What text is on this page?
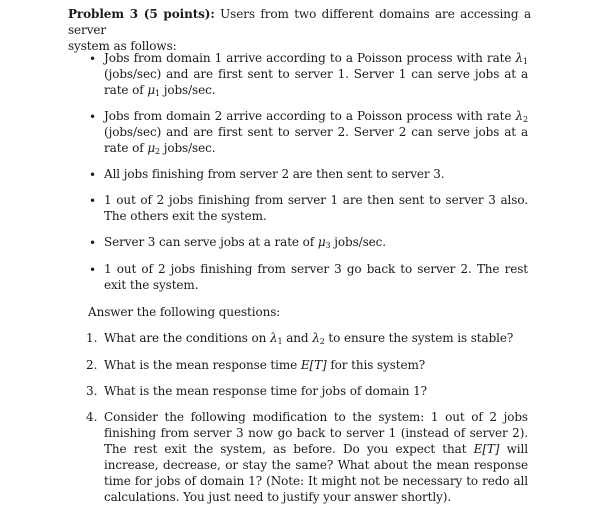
Problem 3 (5 points): Users from two different domains are accessing a server
system as follows:
• Jobs from domain 1 arrive according to a Poisson process with rate $\lambda_1$ (jobs/sec) and are first sent to server 1. Server 1 can serve jobs at a rate of $\mu_1$ jobs/sec.
• Jobs from domain 2 arrive according to a Poisson process with rate $\lambda_2$ (jobs/sec) and are first sent to server 2. Server 2 can serve jobs at a rate of $\mu_2$ jobs/sec.
• All jobs finishing from server 2 are then sent to server 3.
• 1 out of 2 jobs finishing from server 1 are then sent to server 3 also. The others exit the system.
• Server 3 can serve jobs at a rate of $\mu_3$ jobs/sec.
• 1 out of 2 jobs finishing from server 3 go back to server 2. The rest exit the system.
Answer the following questions:
1. What are the conditions on $\lambda_1$ and $\lambda_2$ to ensure the system is stable?
2. What is the mean response time E[T] for this system?
3. What is the mean response time for jobs of domain 1?
4. Consider the following modification to the system: 1 out of 2 jobs finishing from server 3 now go back to server 1 (instead of server 2). The rest exit the system, as before. Do you expect that E[T] will increase, decrease, or stay the same? What about the mean response time for jobs of domain 1? (Note: It might not be necessary to redo all calculations. You just need to justify your answer shortly).
